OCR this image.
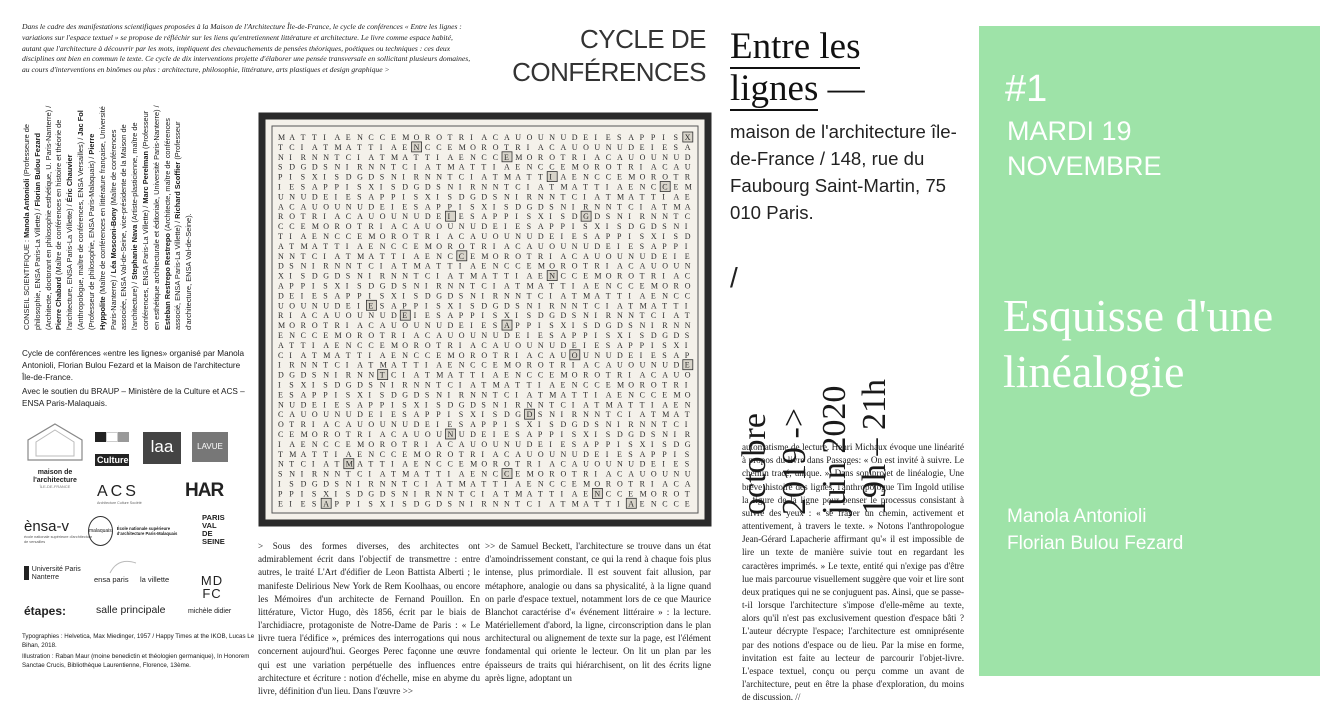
Dans le cadre des manifestations scientifiques proposées à la Maison de l'Architecture Île-de-France, le cycle de conférences « Entre les lignes : variations sur l'espace textuel » se propose de réfléchir sur les liens qu'entretiennent littérature et architecture. Le livre comme espace habité, autant que l'architecture à découvrir par les mots, impliquent des chevauchements de pensées théoriques, poétiques ou techniques : ces deux disciplines ont bien en commun le texte. Ce cycle de dix interventions projette d'élaborer une pensée transversale en sollicitant plusieurs domaines, au cours d'interventions en binômes ou plus : architecture, philosophie, littérature, arts plastiques et design graphique >
CONSEIL SCIENTIFIQUE : Manola Antonioli (Professeure de philosophie, ENSA Paris-La Villette) / Florian Bulou Fezard (Architecte, doctorant en philosophie esthétique, U. Paris-Nanterre) / Pierre Chabard (Maître de conférences en histoire et théorie de l'architecture, ENSA Paris-La Villette) / Éric Chauvier (Anthropologue, maître de conférences, ENSA Versailles) / Jac Fol (Professeur de philosophie, ENSA Paris-Malaquais) / Pierre Hyppolite (Maître de conférences en littérature française, Université Paris-Nanterre) / Léa Mosconi-Bony (Maître de conférences associée, ENSA Val-de-Seine, vice-présidente de la Maison de l'architecture) / Stephanie Nava (Artiste-plasticienne, maître de conférences, ENSA Paris-La Villette) / Marc Perelman (Professeur en esthétique architecturale et éditoriale, Université Paris-Nanterre) / Esteban Restrepo Restrepo (Architecte, maître de conférences associé, ENSA Paris-La Villette) / Richard Scoffier (Professeur d'architecture, ENSA Val-de-Seine).
Cycle de conférences «entre les lignes» organisé par Manola Antonioli, Florian Bulou Fezard et la Maison de l'architecture Île-de-France.
Avec le soutien du BRAUP – Ministère de la Culture et ACS – ENSA Paris-Malaquais.
maison de l'architecture
ÎLE-DE-FRANCE
Culture
laa	LAVUE
ACS
Architecture Culture Société
HAR
ènsa-v
école nationale supérieure d'architecture de versailles
malaquais École nationale supérieure d'architecture Paris-Malaquais
PARIS
VAL DE
SEINE
Université Paris Nanterre	ensa paris la villette MD FC
étapes:	salle principale	michèle didier
Typographies : Helvetica, Max Miedinger, 1957 / Happy Times at the IKOB, Lucas Le Bihan, 2018.
Illustration : Raban Maur (moine benedictin et théologien germanique), In Honorem Sanctae Crucis, Bibliothèque Laurentienne, Florence, 13ème.
CYCLE DE CONFÉRENCES
M A T T I A E N C C E M O R O T R I A C A U O U N U D E I E S A P P I S X
T C I A T M A T T I A E N C C E M O R O T R I A C A U O U N U D E I E S A
N I R N N T C I A T M A T T I A E N C C E M O R O T R I A C A U O U N U D
S D G D S N I R N N T C I A T M A T T I A E N C C E M O R O T R I A C A U
P I S X I S D G D S N I R N N T C I A T M A T T I A E N C C E M O R O T R
I E S A P P I S X I S D G D S N I R N N T C I A T M A T T I A E N C C E M
U N U D E I E S A P P I S X I S D G D S N I R N N T C I A T M A T T I A E
A C A U O U N U D E I E S A P P I S X I S D G D S N I R N N T C I A T M A
R O T R I A C A U O U N U D E I E S A P P I S X I S D G D S N I R N N T C
C C E M O R O T R I A C A U O U N U D E I E S A P P I S X I S D G D S N I
T I A E N C C E M O R O T R I A C A U O U N U D E I E S A P P I S X I S D
A T M A T T I A E N C C E M O R O T R I A C A U O U N U D E I E S A P P I
N N T C I A T M A T T I A E N C C E M O R O T R I A C A U O U N U D E I E
D S N I R N N T C I A T M A T T I A E N C C E M O R O T R I A C A U O U N
X I S D G D S N I R N N T C I A T M A T T I A E N C C E M O R O T R I A C
A P P I S X I S D G D S N I R N N T C I A T M A T T I A E N C C E M O R O
D E I E S A P P I S X I S D G D S N I R N N T C I A T M A T T I A E N C C
U O U N U D E I E S A P P I S X I S D G D S N I R N N T C I A T M A T T I
R I A C A U O U N U D E I E S A P P I S X I S D G D S N I R N N T C I A T
M O R O T R I A C A U O U N U D E I E S A P P I S X I S D G D S N I R N N
E N C C E M O R O T R I A C A U O U N U D E I E S A P P I S X I S D G D S
A T T I A E N C C E M O R O T R I A C A U O U N U D E I E S A P P I S X I
C I A T M A T T I A E N C C E M O R O T R I A C A U O U N U D E I E S A P
I R N N T C I A T M A T T I A E N C C E M O R O T R I A C A U O U N U D E
D G D S N I R N N T C I A T M A T T I A E N C C E M O R O T R I A C A U O
I S X I S D G D S N I R N N T C I A T M A T T I A E N C C E M O R O T R I
E S A P P I S X I S D G D S N I R N N T C I A T M A T T I A E N C C E M O
N U D E I E S A P P I S X I S D G D S N I R N N T C I A T M A T T I A E N
C A U O U N U D E I E S A P P I S X I S D G D S N I R N N T C I A T M A T
O T R I A C A U O U N U D E I E S A P P I S X I S D G D S N I R N N T C I
C E M O R O T R I A C A U O U N U D E I E S A P P I S X I S D G D S N I R
I A E N C C E M O R O T R I A C A U O U N U D E I E S A P P I S X I S D G
T M A T T I A E N C C E M O R O T R I A C A U O U N U D E I E S A P P I S
N T C I A T M A T T I A E N C C E M O R O T R I A C A U O U N U D E I E S
S N I R N N T C I A T M A T T I A E N C C E M O R O T R I A C A U O U N U
I S D G D S N I R N N T C I A T M A T T I A E N C C E M O R O T R I A C A
P P I S X I S D G D S N I R N N T C I A T M A T T I A E N C C E M O R O T
E I E S A P P I S X I S D G D S N I R N N T C I A T M A T T I A E N C C E
> Sous des formes diverses, des architectes ont admirablement écrit dans l'objectif de transmettre : entre autres, le traité L'Art d'édifier de Leon Battista Alberti ; le manifeste Delirious New York de Rem Koolhaas, ou encore les Mémoires d'un architecte de Fernand Pouillon. En littérature, Victor Hugo, dès 1856, écrit par le biais de l'archidiacre, protagoniste de Notre-Dame de Paris : « Le livre tuera l'édifice », prémices des interrogations qui nous concernent aujourd'hui. Georges Perec façonne une œuvre qui est une variation perpétuelle des influences entre architecture et écriture : notion d'échelle, mise en abyme du livre, définition d'un lieu. Dans l'œuvre >>
>> de Samuel Beckett, l'architecture se trouve dans un état d'amoindrissement constant, ce qui la rend à chaque fois plus intense, plus primordiale. Il est souvent fait allusion, par métaphore, analogie ou dans sa physicalité, à la ligne quand on parle d'espace textuel, notamment lors de ce que Maurice Blanchot caractérise d'« événement littéraire » : la lecture. Matériellement d'abord, la ligne, circonscription dans le plan architectural ou alignement de texte sur la page, est l'élément fondamental qui oriente le lecteur. On lit un plan par les épaisseurs de traits qui hiérarchisent, on lit des écrits ligne après ligne, adoptant un
automatisme de lecture. Henri Michaux évoque une linéarité à propos du livre dans Passages: « On est invité à suivre. Le chemin tracé, unique. ». Dans son projet de linéalogie, Une brève histoire des lignes, l'anthropologue Tim Ingold utilise la figure de la ligne pour penser le processus consistant à suivre des yeux : « se frayer un chemin, activement et attentivement, à travers le texte. » Notons l'anthropologue Jean-Gérard Lapacherie affirmant qu'« il est impossible de lire un texte de manière suivie tout en regardant les caractères imprimés. » Le texte, entité qui n'exige pas d'être lue mais parcourue visuellement suggère que voir et lire sont deux pratiques qui ne se conjuguent pas. Ainsi, que se passe-t-il lorsque l'architecture s'impose d'elle-même au texte, alors qu'il n'est pas exclusivement question d'espace bâti ? L'auteur décrypte l'espace; l'architecture est omniprésente par des notions d'espace ou de lieu. Par la mise en forme, invitation est faite au lecteur de parcourir l'objet-livre. L'espace textuel, conçu ou perçu comme un avant de l'architecture, peut en être la phase d'exploration, du moins de discussion. //
Entre les
lignes —
maison de l'architecture île-de-France / 148, rue du Faubourg Saint-Martin, 75 010 Paris.
/
octobre 2019 -> juin 2020 19h – 21h
#1
MARDI 19 NOVEMBRE
Esquisse d'une linéalogie
Manola Antonioli
Florian Bulou Fezard
